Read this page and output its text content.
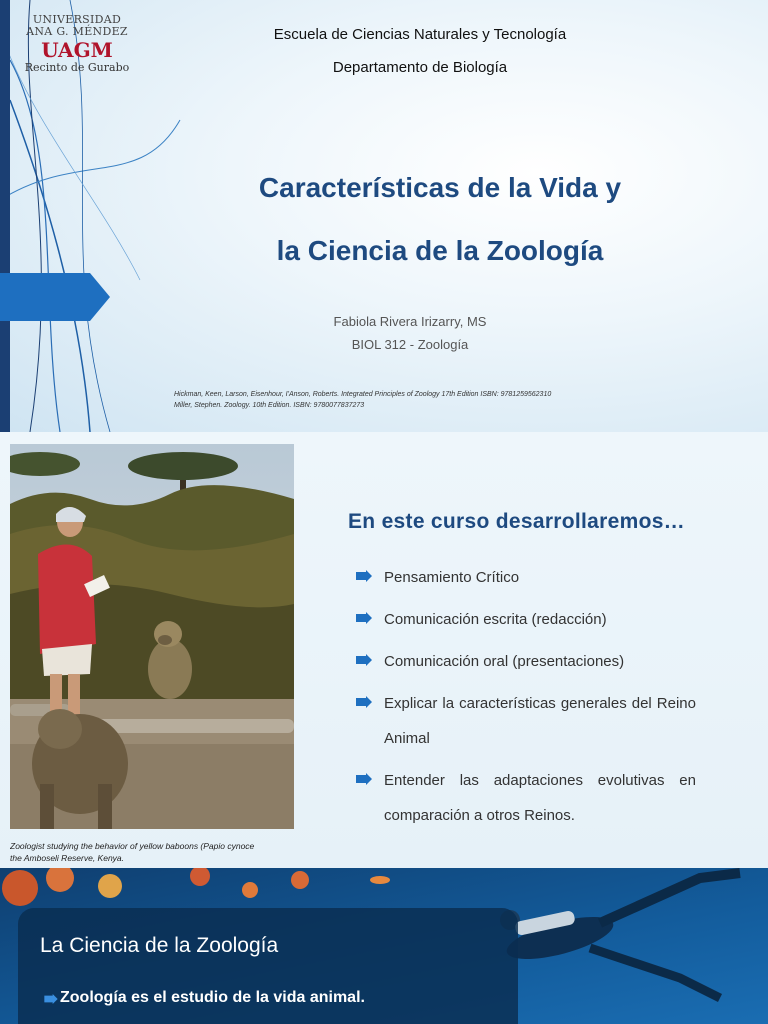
UNIVERSIDAD
ANA G. MÉNDEZ
UAGM
Recinto de Gurabo
Escuela de Ciencias Naturales y Tecnología
Departamento de Biología
Características de la Vida y
la Ciencia de la Zoología
Fabiola Rivera Irizarry, MS
BIOL 312 - Zoología
Hickman, Keen, Larson, Eisenhour, I'Anson, Roberts. Integrated Principles of Zoology 17th Edition ISBN: 9781259562310
Miller, Stephen. Zoology. 10th Edition. ISBN: 9780077837273
Zoologist studying the behavior of yellow baboons (Papio cynoce
the Amboseli Reserve, Kenya.
En este curso desarrollaremos…
Pensamiento Crítico
Comunicación escrita (redacción)
Comunicación oral (presentaciones)
Explicar la características generales del Reino Animal
Entender las adaptaciones evolutivas en comparación a otros Reinos.
La Ciencia de la Zoología
Zoología es el estudio de la vida animal.
